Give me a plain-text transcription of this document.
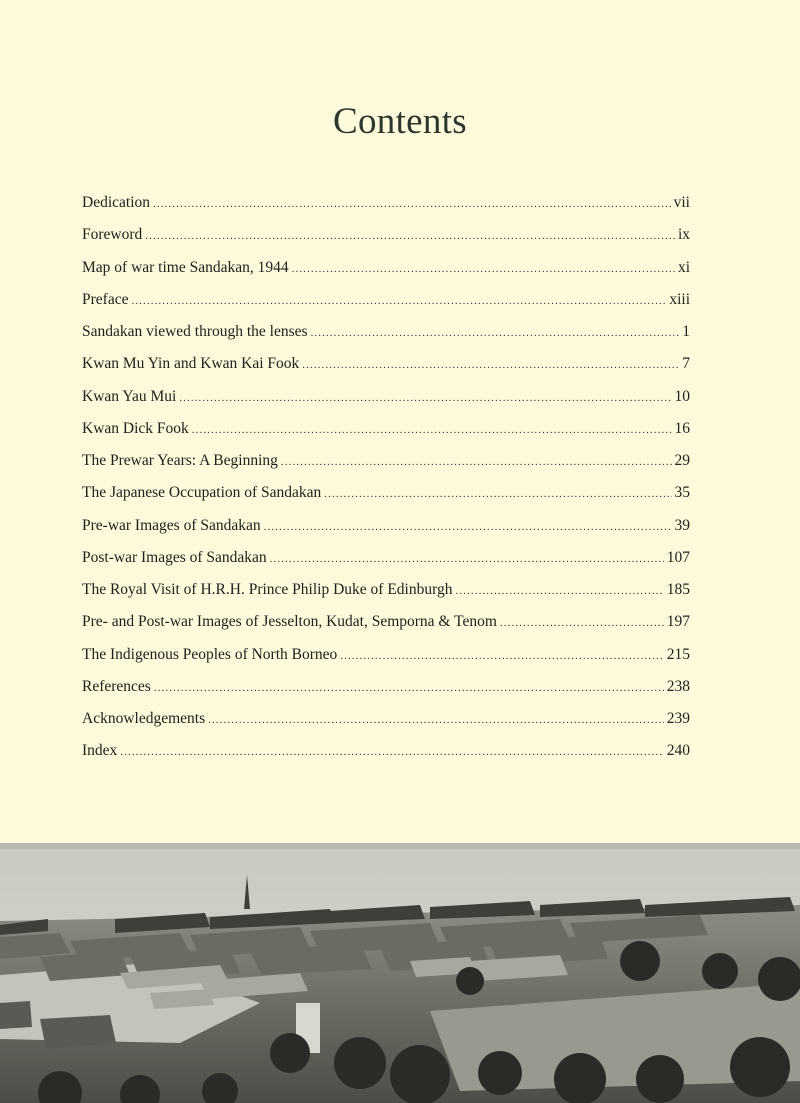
Contents
Dedication .....	vii
Foreword .....	ix
Map of war time Sandakan, 1944 .....	xi
Preface .....	xiii
Sandakan viewed through the lenses .....	1
Kwan Mu Yin and Kwan Kai Fook .....	7
Kwan Yau Mui .....	10
Kwan Dick Fook .....	16
The Prewar Years: A Beginning .....	29
The Japanese Occupation of Sandakan .....	35
Pre-war Images of Sandakan .....	39
Post-war Images of Sandakan .....	107
The Royal Visit of H.R.H. Prince Philip Duke of Edinburgh .....	185
Pre- and Post-war Images of Jesselton, Kudat, Semporna & Tenom .....	197
The Indigenous Peoples of North Borneo .....	215
References .....	238
Acknowledgements .....	239
Index .....	240
